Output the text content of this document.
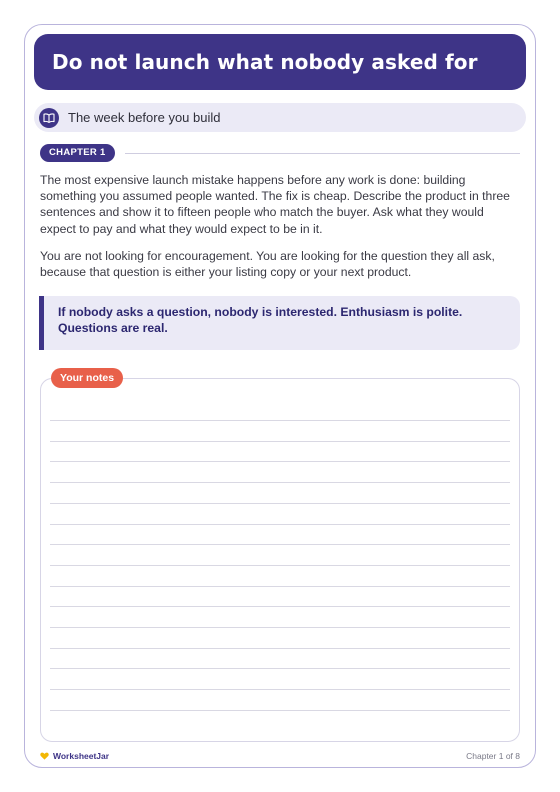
Do not launch what nobody asked for
The week before you build
CHAPTER 1

The most expensive launch mistake happens before any work is done: building something you assumed people wanted. The fix is cheap. Describe the product in three sentences and show it to fifteen people who match the buyer. Ask what they would expect to pay and what they would expect to be in it.

You are not looking for encouragement. You are looking for the question they all ask, because that question is either your listing copy or your next product.

If nobody asks a question, nobody is interested. Enthusiasm is polite. Questions are real.

Your notes
WorksheetJar	Chapter 1 of 8
